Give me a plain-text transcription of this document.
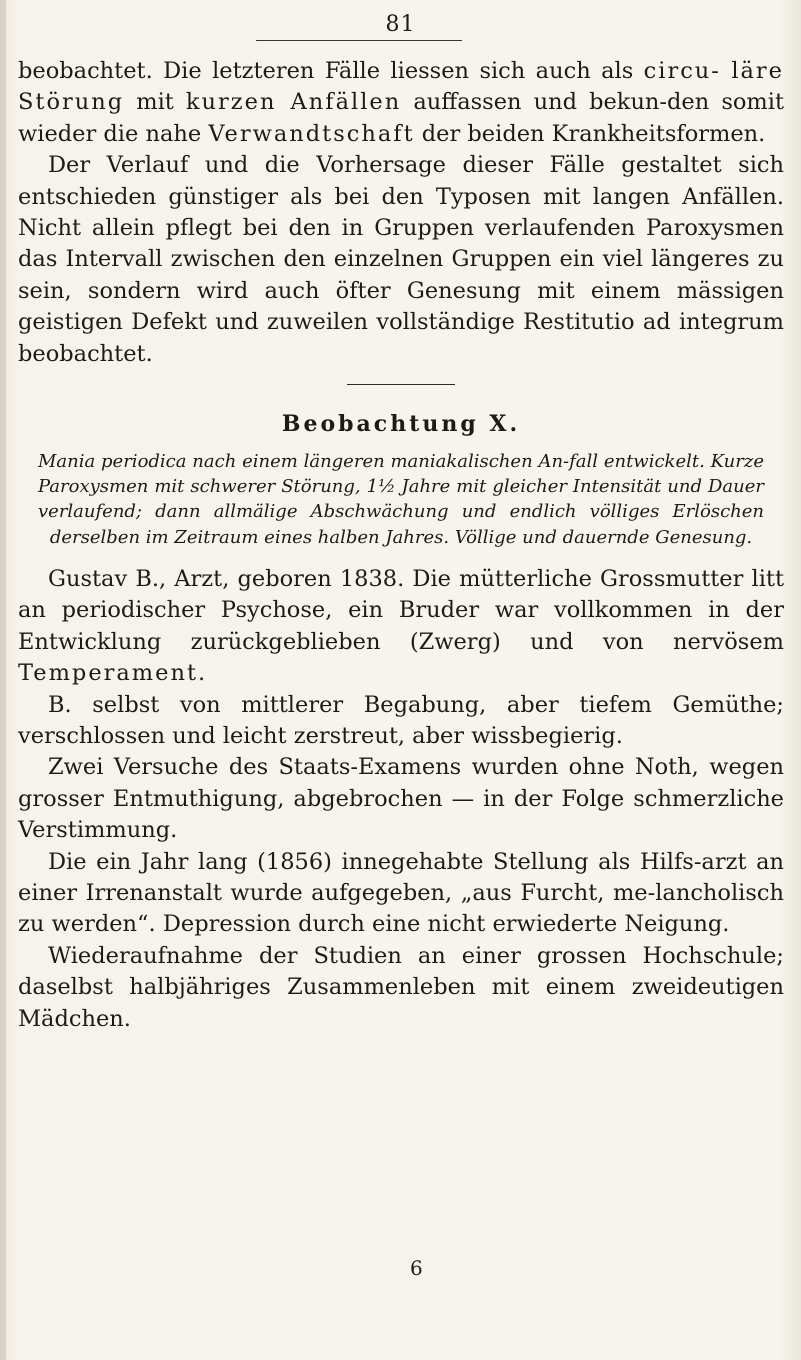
81

beobachtet. Die letzteren Fälle liessen sich auch als circu- läre Störung mit kurzen Anfällen auffassen und bekun-den somit wieder die nahe Verwandtschaft der beiden Krankheitsformen.

Der Verlauf und die Vorhersage dieser Fälle gestaltet sich entschieden günstiger als bei den Typosen mit langen Anfällen. Nicht allein pflegt bei den in Gruppen verlaufenden Paroxysmen das Intervall zwischen den einzelnen Gruppen ein viel längeres zu sein, sondern wird auch öfter Genesung mit einem mässigen geistigen Defekt und zuweilen vollständige Restitutio ad integrum beobachtet.

Beobachtung X.

Mania periodica nach einem längeren maniakalischen An-fall entwickelt. Kurze Paroxysmen mit schwerer Störung, 1½ Jahre mit gleicher Intensität und Dauer verlaufend; dann allmälige Abschwächung und endlich völliges Erlöschen derselben im Zeitraum eines halben Jahres. Völlige und dauernde Genesung.

Gustav B., Arzt, geboren 1838. Die mütterliche Grossmutter litt an periodischer Psychose, ein Bruder war vollkommen in der Entwicklung zurückgeblieben (Zwerg) und von nervösem Temperament.

B. selbst von mittlerer Begabung, aber tiefem Gemüthe; verschlossen und leicht zerstreut, aber wissbegierig.

Zwei Versuche des Staats-Examens wurden ohne Noth, wegen grosser Entmuthigung, abgebrochen — in der Folge schmerzliche Verstimmung.

Die ein Jahr lang (1856) innegehabte Stellung als Hilfs-arzt an einer Irrenanstalt wurde aufgegeben, „aus Furcht, me-lancholisch zu werden“. Depression durch eine nicht erwiederte Neigung.

Wiederaufnahme der Studien an einer grossen Hochschule; daselbst halbjähriges Zusammenleben mit einem zweideutigen Mädchen.

6
